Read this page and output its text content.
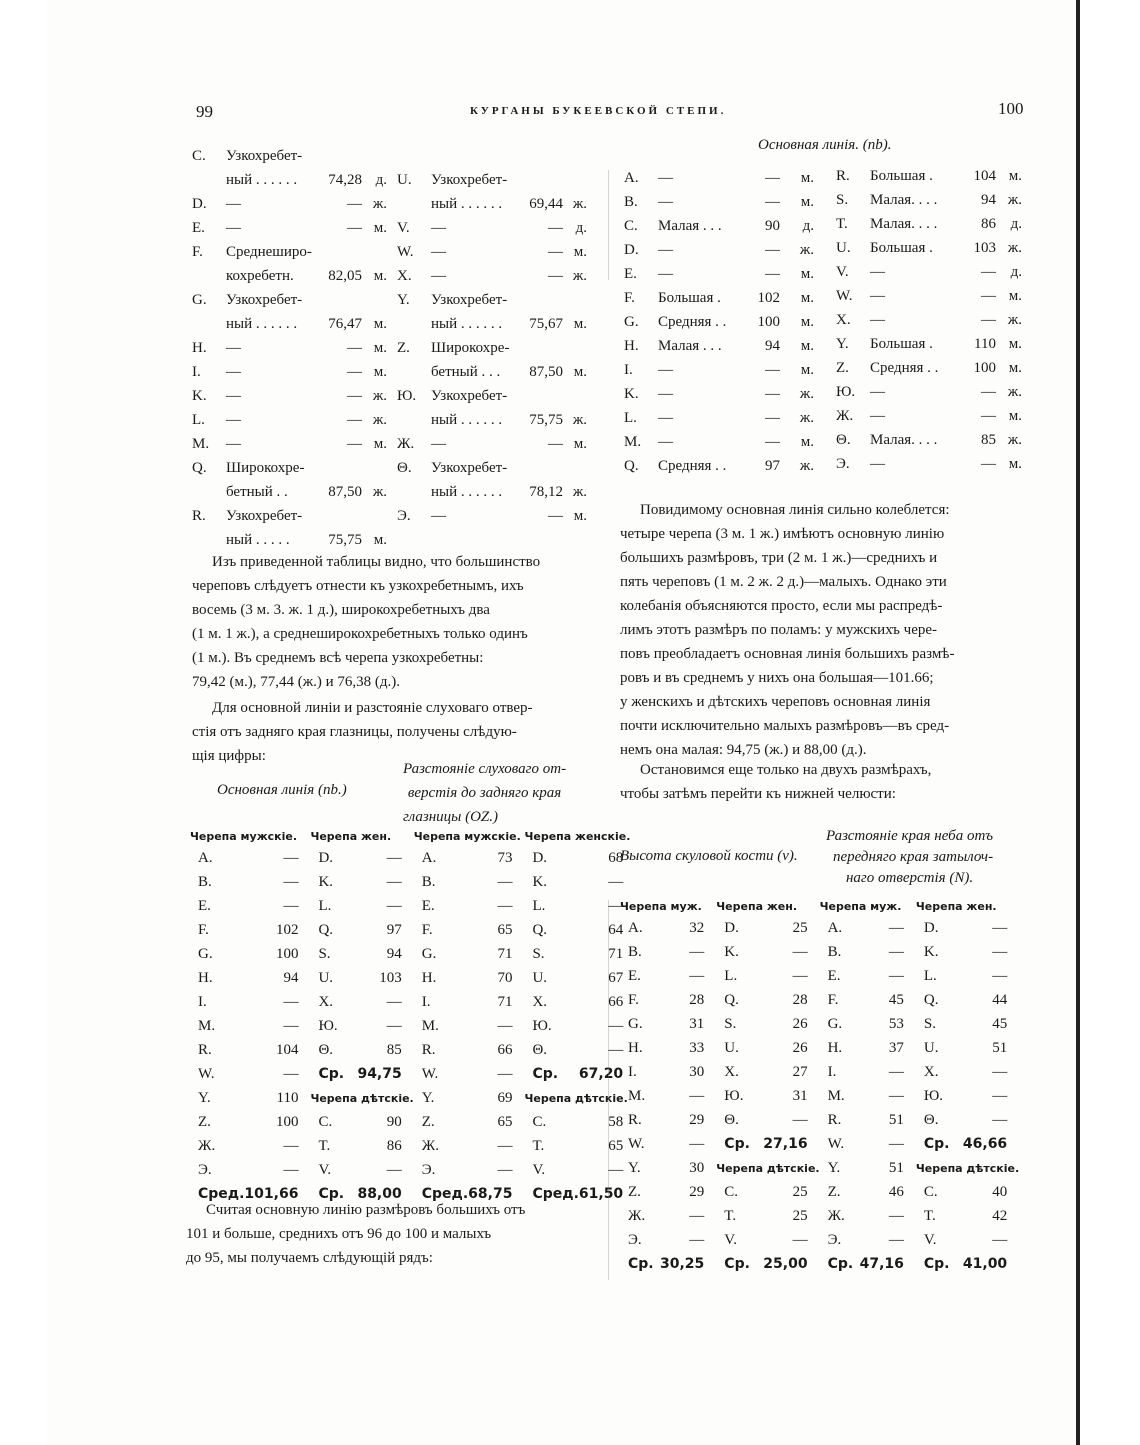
99	КУРГАНЫ БУКЕЕВСКОЙ СТЕПИ.	100
C.	Узкохребет-		
	ный . . . . . .	74,28	д.
D.	—	—	ж.
E.	—	—	м.
F.	Среднеширо-		
	кохребетн.	82,05	м.
G.	Узкохребет-		
	ный . . . . . .	76,47	м.
H.	—	—	м.
I.	—	—	м.
K.	—	—	ж.
L.	—	—	ж.
M.	—	—	м.
Q.	Широкохре-		
	бетный . .	87,50	ж.
R.	Узкохребет-		
	ный . . . . .	75,75	м.
U.	Узкохребет-		
	ный . . . . . .	69,44	ж.
V.	—	—	д.
W.	—	—	м.
X.	—	—	ж.
Y.	Узкохребет-		
	ный . . . . . .	75,67	м.
Z.	Широкохре-		
	бетный . . .	87,50	м.
Ю.	Узкохребет-		
	ный . . . . . .	75,75	ж.
Ж.	—	—	м.
Θ.	Узкохребет-		
	ный . . . . . .	78,12	ж.
Э.	—	—	м.
Изъ приведенной таблицы видно, что большинство
череповъ слѣдуетъ отнести къ узкохребетнымъ, ихъ
восемь (3 м. 3. ж. 1 д.), широкохребетныхъ два
(1 м. 1 ж.), а среднеширокохребетныхъ только одинъ
(1 м.). Въ среднемъ всѣ черепа узкохребетны:
79,42 (м.), 77,44 (ж.) и 76,38 (д.).
Для основной линіи и разстояніе слуховаго отвер-
стія отъ задняго края глазницы, получены слѣдую-
щія цифры:
Основная линія (nb.)
Разстояніе слуховаго от-
верстія до задняго края
глазницы (OZ.)
Черепа мужскіе.		Черепа жен.		Черепа мужскіе.		Черепа женскіе.	
A.	—	D.	—	A.	73	D.	68
B.	—	K.	—	B.	—	K.	—
E.	—	L.	—	E.	—	L.	—
F.	102	Q.	97	F.	65	Q.	64
G.	100	S.	94	G.	71	S.	71
H.	94	U.	103	H.	70	U.	67
I.	—	X.	—	I.	71	X.	66
M.	—	Ю.	—	M.	—	Ю.	—
R.	104	Θ.	85	R.	66	Θ.	—
W.	—	Ср.	94,75	W.	—	Ср.	67,20
Y.	110	Черепа дѣтскіе.		Y.	69	Черепа дѣтскіе.	
Z.	100	C.	90	Z.	65	C.	58
Ж.	—	T.	86	Ж.	—	T.	65
Э.	—	V.	—	Э.	—	V.	—
Сред.	101,66	Ср.	88,00	Сред.	68,75	Сред.	61,50
Считая основную линію размѣровъ большихъ отъ
101 и больше, среднихъ отъ 96 до 100 и малыхъ
до 95, мы получаемъ слѣдующій рядъ:
Основная линія. (nb).
A.	—	—	м.
B.	—	—	м.
C.	Малая . . .	90	д.
D.	—	—	ж.
E.	—	—	м.
F.	Большая .	102	м.
G.	Средняя . .	100	м.
H.	Малая . . .	94	м.
I.	—	—	м.
K.	—	—	ж.
L.	—	—	ж.
M.	—	—	м.
Q.	Средняя . .	97	ж.
R.	Большая .	104	м.
S.	Малая. . . .	94	ж.
T.	Малая. . . .	86	д.
U.	Большая .	103	ж.
V.	—	—	д.
W.	—	—	м.
X.	—	—	ж.
Y.	Большая .	110	м.
Z.	Средняя . .	100	м.
Ю.	—	—	ж.
Ж.	—	—	м.
Θ.	Малая. . . .	85	ж.
Э.	—	—	м.
Повидимому основная линія сильно колеблется:
четыре черепа (3 м. 1 ж.) имѣютъ основную линію
большихъ размѣровъ, три (2 м. 1 ж.)—среднихъ и
пять череповъ (1 м. 2 ж. 2 д.)—малыхъ. Однако эти
колебанія объясняются просто, если мы распредѣ-
лимъ этотъ размѣръ по поламъ: у мужскихъ чере-
повъ преобладаетъ основная линія большихъ размѣ-
ровъ и въ среднемъ у нихъ она большая—101.66;
у женскихъ и дѣтскихъ череповъ основная линія
почти исключительно малыхъ размѣровъ—въ сред-
немъ она малая: 94,75 (ж.) и 88,00 (д.).
Остановимся еще только на двухъ размѣрахъ,
чтобы затѣмъ перейти къ нижней челюсти:
Высота скуловой кости (v).
Разстояніе края неба отъ
передняго края затылоч-
наго отверстія (N).
Черепа муж.		Черепа жен.		Черепа муж.		Черепа жен.	
A.	32	D.	25	A.	—	D.	—
B.	—	K.	—	B.	—	K.	—
E.	—	L.	—	E.	—	L.	—
F.	28	Q.	28	F.	45	Q.	44
G.	31	S.	26	G.	53	S.	45
H.	33	U.	26	H.	37	U.	51
I.	30	X.	27	I.	—	X.	—
M.	—	Ю.	31	M.	—	Ю.	—
R.	29	Θ.	—	R.	51	Θ.	—
W.	—	Ср.	27,16	W.	—	Ср.	46,66
Y.	30	Черепа дѣтскіе.		Y.	51	Черепа дѣтскіе.	
Z.	29	C.	25	Z.	46	C.	40
Ж.	—	T.	25	Ж.	—	T.	42
Э.	—	V.	—	Э.	—	V.	—
Ср.	30,25	Ср.	25,00	Ср.	47,16	Ср.	41,00
